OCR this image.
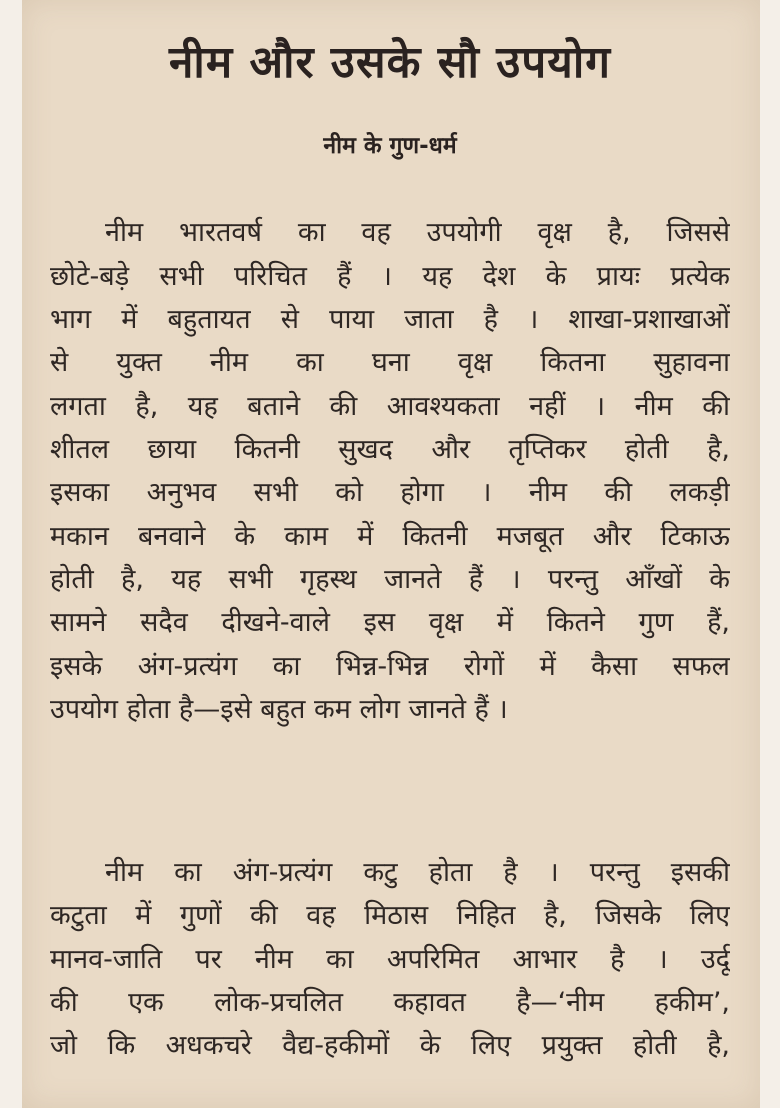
नीम और उसके सौ उपयोग
नीम के गुण-धर्म
नीम भारतवर्ष का वह उपयोगी वृक्ष है, जिससे
छोटे-बड़े सभी परिचित हैं । यह देश के प्रायः प्रत्येक
भाग में बहुतायत से पाया जाता है । शाखा-प्रशाखाओं
से युक्त नीम का घना वृक्ष कितना सुहावना
लगता है, यह बताने की आवश्यकता नहीं । नीम की
शीतल छाया कितनी सुखद और तृप्तिकर होती है,
इसका अनुभव सभी को होगा । नीम की लकड़ी
मकान बनवाने के काम में कितनी मजबूत और टिकाऊ
होती है, यह सभी गृहस्थ जानते हैं । परन्तु आँखों के
सामने सदैव दीखने-वाले इस वृक्ष में कितने गुण हैं,
इसके अंग-प्रत्यंग का भिन्न-भिन्न रोगों में कैसा सफल
उपयोग होता है—इसे बहुत कम लोग जानते हैं ।
नीम का अंग-प्रत्यंग कटु होता है । परन्तु इसकी
कटुता में गुणों की वह मिठास निहित है, जिसके लिए
मानव-जाति पर नीम का अपरिमित आभार है । उर्दू
की एक लोक-प्रचलित कहावत है—‘नीम हकीम’,
जो कि अधकचरे वैद्य-हकीमों के लिए प्रयुक्त होती है,
